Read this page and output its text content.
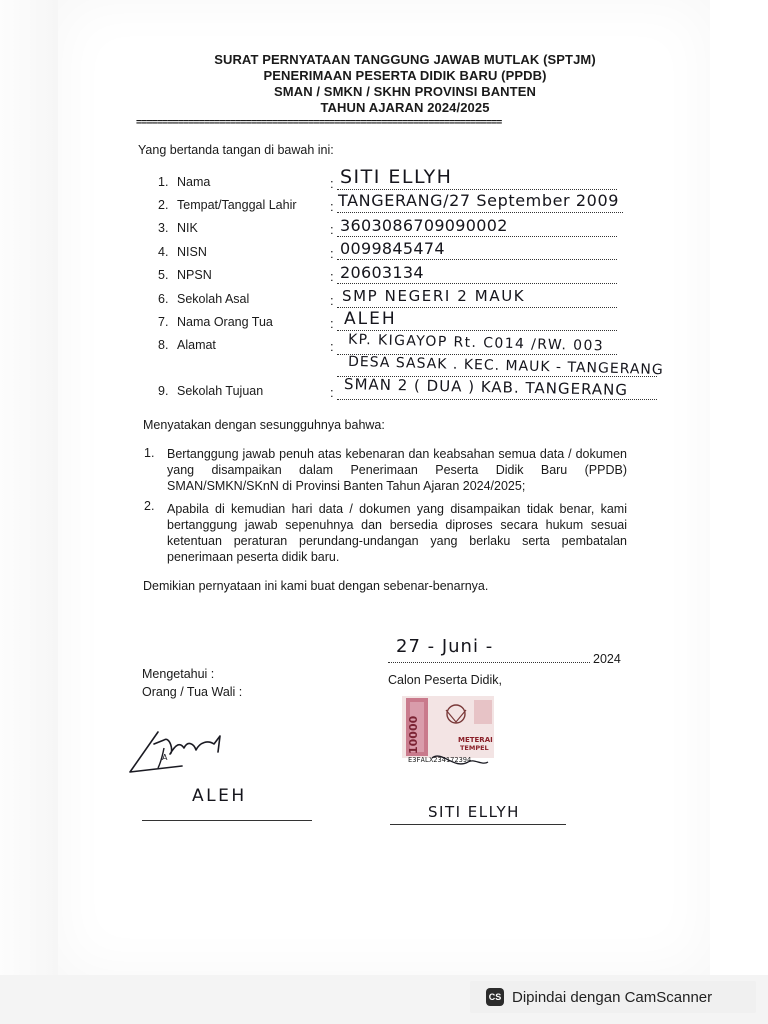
SURAT PERNYATAAN TANGGUNG JAWAB MUTLAK (SPTJM)
PENERIMAAN PESERTA DIDIK BARU (PPDB)
SMAN / SMKN / SKHN PROVINSI BANTEN
TAHUN AJARAN 2024/2025
======================================================================
Yang bertanda tangan di bawah ini:
1. Nama	: SITI ELLYH
2. Tempat/Tanggal Lahir	: TANGERANG/27 September 2009
3. NIK	: 3603086709090002
4. NISN	: 0099845474
5. NPSN	: 20603134
6. Sekolah Asal	: SMP NEGERI 2 MAUK
7. Nama Orang Tua	: ALEH
8. Alamat	: KP. KIGAYOP Rt. C014 /RW. 003
DESA SASAK . KEC. MAUK - TANGERANG
9. Sekolah Tujuan	: SMAN 2 ( DUA ) KAB. TANGERANG
Menyatakan dengan sesungguhnya bahwa:
1. Bertanggung jawab penuh atas kebenaran dan keabsahan semua data / dokumen
yang disampaikan dalam Penerimaan Peserta Didik Baru (PPDB)
SMAN/SMKN/SKnN di Provinsi Banten Tahun Ajaran 2024/2025;
2. Apabila di kemudian hari data / dokumen yang disampaikan tidak benar, kami
bertanggung jawab sepenuhnya dan bersedia diproses secara hukum sesuai
ketentuan peraturan perundang-undangan yang berlaku serta pembatalan
penerimaan peserta didik baru.
Demikian pernyataan ini kami buat dengan sebenar-benarnya.
27 - Juni -
2024
Mengetahui :
Orang / Tua Wali :
A
ALEH
Calon Peserta Didik,
10000	METERAI
TEMPEL
E3FALX234172394
SITI ELLYH
CS Dipindai dengan CamScanner
